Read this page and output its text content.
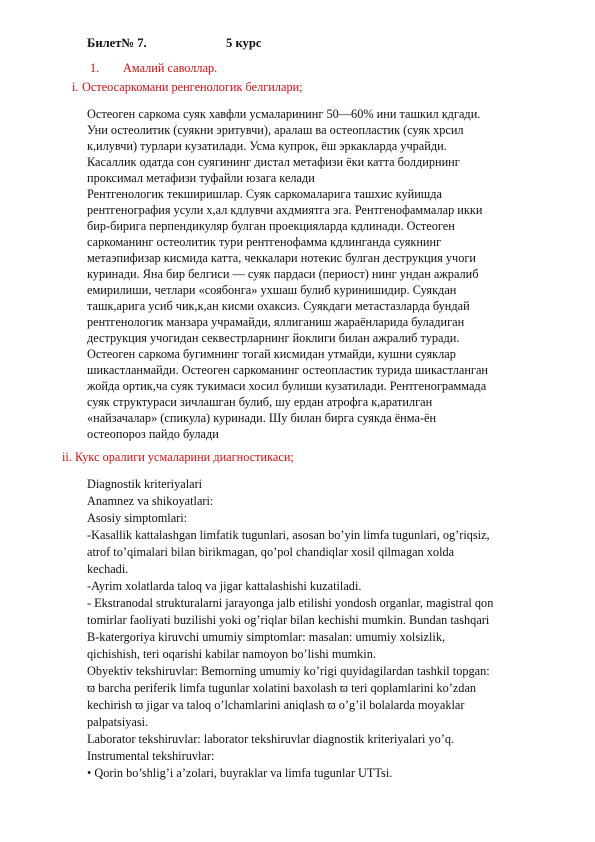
Билет№ 7.	5 курс
1. Амалий саволлар.
i. Остеосаркомани ренгенологик белгилари;
Остеоген саркома суяк хавфли усмаларининг 50—60% ини ташкил кдгади.
Уни остеолитик (суякни эритувчи), аралаш ва остеопластик (суяк хрсил
к,илувчи) турлари кузатилади. Усма купрок, ёш эркакларда учрайди.
Касаллик одатда сон суягининг дистал метафизи ёки катта болдирнинг
проксимал метафизи туфайли юзага келади
Рентгенологик текширишлар. Суяк саркомаларига ташхис куйишда
рентгенография усули х,ал кдлувчи ахдмиятга эга. Рентгенофаммалар икки
бир-бирига перпендикуляр булган проекцияларда кдлинади. Остеоген
саркоманинг остеолитик тури рентгенофамма кдлинганда суякнинг
метаэпифизар кисмида катта, чеккалари нотекис булган деструкция учоги
куринади. Яна бир белгиси — суяк пардаси (периост) нинг ундан ажралиб
емирилиши, четлари «соябонга» ухшаш булиб куринишидир. Суякдан
ташк,арига усиб чик,к,ан кисми охаксиз. Суякдаги метастазларда бундай
рентгенологик манзара учрамайди, яллиганиш жараёнларида буладиган
деструкция учогидан секвестрларнинг йоклиги билан ажралиб туради.
Остеоген саркома бугимнинг тогай кисмидан утмайди, кушни суяклар
шикастланмайди. Остеоген саркоманинг остеопластик турида шикастланган
жойда ортик,ча суяк тукимаси хосил булиши кузатилади. Рентгенограммада
суяк структураси зичлашган булиб, шу ердан атрофга к,аратилган
«найзачалар» (спикула) куринади. Шу билан бирга суякда ёнма-ён
остеопороз пайдо булади
ii. Кукс оралиги усмаларини диагностикаси;
Diagnostik kriteriyalari
Anamnez va shikoyatlari:
Asosiy simptomlari:
-Kasallik kattalashgan limfatik tugunlari, asosan bo’yin limfa tugunlari, og’riqsiz,
atrof to’qimalari bilan birikmagan, qo’pol chandiqlar xosil qilmagan xolda
kechadi.
-Ayrim xolatlarda taloq va jigar kattalashishi kuzatiladi.
- Ekstranodal strukturalarni jarayonga jalb etilishi yondosh organlar, magistral qon
tomirlar faoliyati buzilishi yoki og’riqlar bilan kechishi mumkin. Bundan tashqari
B-katergoriya kiruvchi umumiy simptomlar: masalan: umumiy xolsizlik,
qichishish, teri oqarishi kabilar namoyon bo’lishi mumkin.
Obyektiv tekshiruvlar: Bemorning umumiy ko’rigi quyidagilardan tashkil topgan:
ϖ barcha periferik limfa tugunlar xolatini baxolash ϖ teri qoplamlarini ko’zdan
kechirish ϖ jigar va taloq o’lchamlarini aniqlash ϖ o’g’il bolalarda moyaklar
palpatsiyasi.
Laborator tekshiruvlar: laborator tekshiruvlar diagnostik kriteriyalari yo’q.
Instrumental tekshiruvlar:
• Qorin bo’shlig’i a’zolari, buyraklar va limfa tugunlar UTTsi.
